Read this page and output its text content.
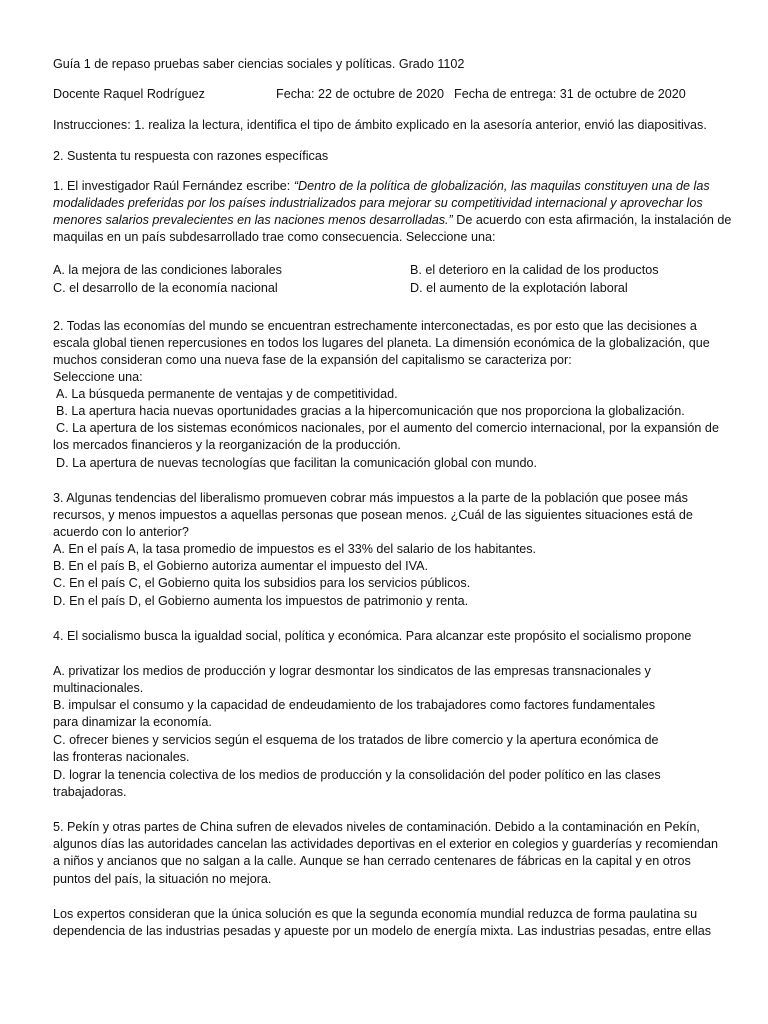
Guía 1 de repaso pruebas saber ciencias sociales y políticas. Grado 1102
Docente Raquel Rodríguez	Fecha: 22 de octubre de 2020 Fecha de entrega: 31 de octubre de 2020
Instrucciones: 1. realiza la lectura, identifica el tipo de ámbito explicado en la asesoría anterior, envió las diapositivas.
2. Sustenta tu respuesta con razones específicas
1. El investigador Raúl Fernández escribe: “Dentro de la política de globalización, las maquilas constituyen una de las
modalidades preferidas por los países industrializados para mejorar su competitividad internacional y aprovechar los
menores salarios prevalecientes en las naciones menos desarrolladas.” De acuerdo con esta afirmación, la instalación de
maquilas en un país subdesarrollado trae como consecuencia. Seleccione una:
A. la mejora de las condiciones laborales	B. el deterioro en la calidad de los productos
C. el desarrollo de la economía nacional	D. el aumento de la explotación laboral
2. Todas las economías del mundo se encuentran estrechamente interconectadas, es por esto que las decisiones a
escala global tienen repercusiones en todos los lugares del planeta. La dimensión económica de la globalización, que
muchos consideran como una nueva fase de la expansión del capitalismo se caracteriza por:
Seleccione una:
A. La búsqueda permanente de ventajas y de competitividad.
B. La apertura hacia nuevas oportunidades gracias a la hipercomunicación que nos proporciona la globalización.
C. La apertura de los sistemas económicos nacionales, por el aumento del comercio internacional, por la expansión de
los mercados financieros y la reorganización de la producción.
D. La apertura de nuevas tecnologías que facilitan la comunicación global con mundo.
3. Algunas tendencias del liberalismo promueven cobrar más impuestos a la parte de la población que posee más
recursos, y menos impuestos a aquellas personas que posean menos. ¿Cuál de las siguientes situaciones está de
acuerdo con lo anterior?
A. En el país A, la tasa promedio de impuestos es el 33% del salario de los habitantes.
B. En el país B, el Gobierno autoriza aumentar el impuesto del IVA.
C. En el país C, el Gobierno quita los subsidios para los servicios públicos.
D. En el país D, el Gobierno aumenta los impuestos de patrimonio y renta.
4. El socialismo busca la igualdad social, política y económica. Para alcanzar este propósito el socialismo propone
A. privatizar los medios de producción y lograr desmontar los sindicatos de las empresas transnacionales y
multinacionales.
B. impulsar el consumo y la capacidad de endeudamiento de los trabajadores como factores fundamentales
para dinamizar la economía.
C. ofrecer bienes y servicios según el esquema de los tratados de libre comercio y la apertura económica de
las fronteras nacionales.
D. lograr la tenencia colectiva de los medios de producción y la consolidación del poder político en las clases
trabajadoras.
5. Pekín y otras partes de China sufren de elevados niveles de contaminación. Debido a la contaminación en Pekín,
algunos días las autoridades cancelan las actividades deportivas en el exterior en colegios y guarderías y recomiendan
a niños y ancianos que no salgan a la calle. Aunque se han cerrado centenares de fábricas en la capital y en otros
puntos del país, la situación no mejora.
Los expertos consideran que la única solución es que la segunda economía mundial reduzca de forma paulatina su
dependencia de las industrias pesadas y apueste por un modelo de energía mixta. Las industrias pesadas, entre ellas
